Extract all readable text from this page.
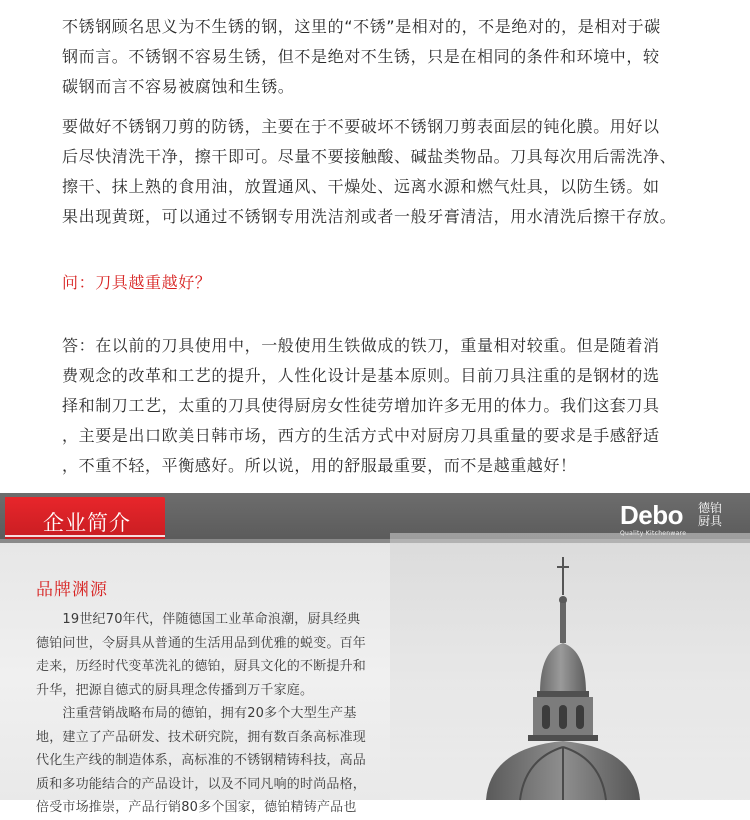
不锈钢顾名思义为不生锈的钢，这里的“不锈”是相对的，不是绝对的，是相对于碳
钢而言。不锈钢不容易生锈，但不是绝对不生锈，只是在相同的条件和环境中，较
碳钢而言不容易被腐蚀和生锈。
要做好不锈钢刀剪的防锈，主要在于不要破坏不锈钢刀剪表面层的钝化膜。用好以
后尽快清洗干净，擦干即可。尽量不要接触酸、碱盐类物品。刀具每次用后需洗净、
擦干、抹上熟的食用油，放置通风、干燥处、远离水源和燃气灶具，以防生锈。如
果出现黄斑，可以通过不锈钢专用洗洁剂或者一般牙膏清洁，用水清洗后擦干存放。
问：刀具越重越好？
答：在以前的刀具使用中，一般使用生铁做成的铁刀，重量相对较重。但是随着消
费观念的改革和工艺的提升，人性化设计是基本原则。目前刀具注重的是钢材的选
择和制刀工艺，太重的刀具使得厨房女性徒劳增加许多无用的体力。我们这套刀具
，主要是出口欧美日韩市场，西方的生活方式中对厨房刀具重量的要求是手感舒适
，不重不轻，平衡感好。所以说，用的舒服最重要，而不是越重越好！
企业简介	Debo 德铂厨具
品牌渊源
　　19世纪70年代，伴随德国工业革命浪潮，厨具经典
德铂问世，令厨具从普通的生活用品到优雅的蜕变。百年
走来，历经时代变革洗礼的德铂，厨具文化的不断提升和
升华，把源自德式的厨具理念传播到万千家庭。
　　注重营销战略布局的德铂，拥有20多个大型生产基
地，建立了产品研发、技术研究院，拥有数百条高标准现
代化生产线的制造体系，高标准的不锈钢精铸科技，高品
质和多功能结合的产品设计，以及不同凡响的时尚品格，
倍受市场推崇，产品行销80多个国家，德铂精铸产品也
